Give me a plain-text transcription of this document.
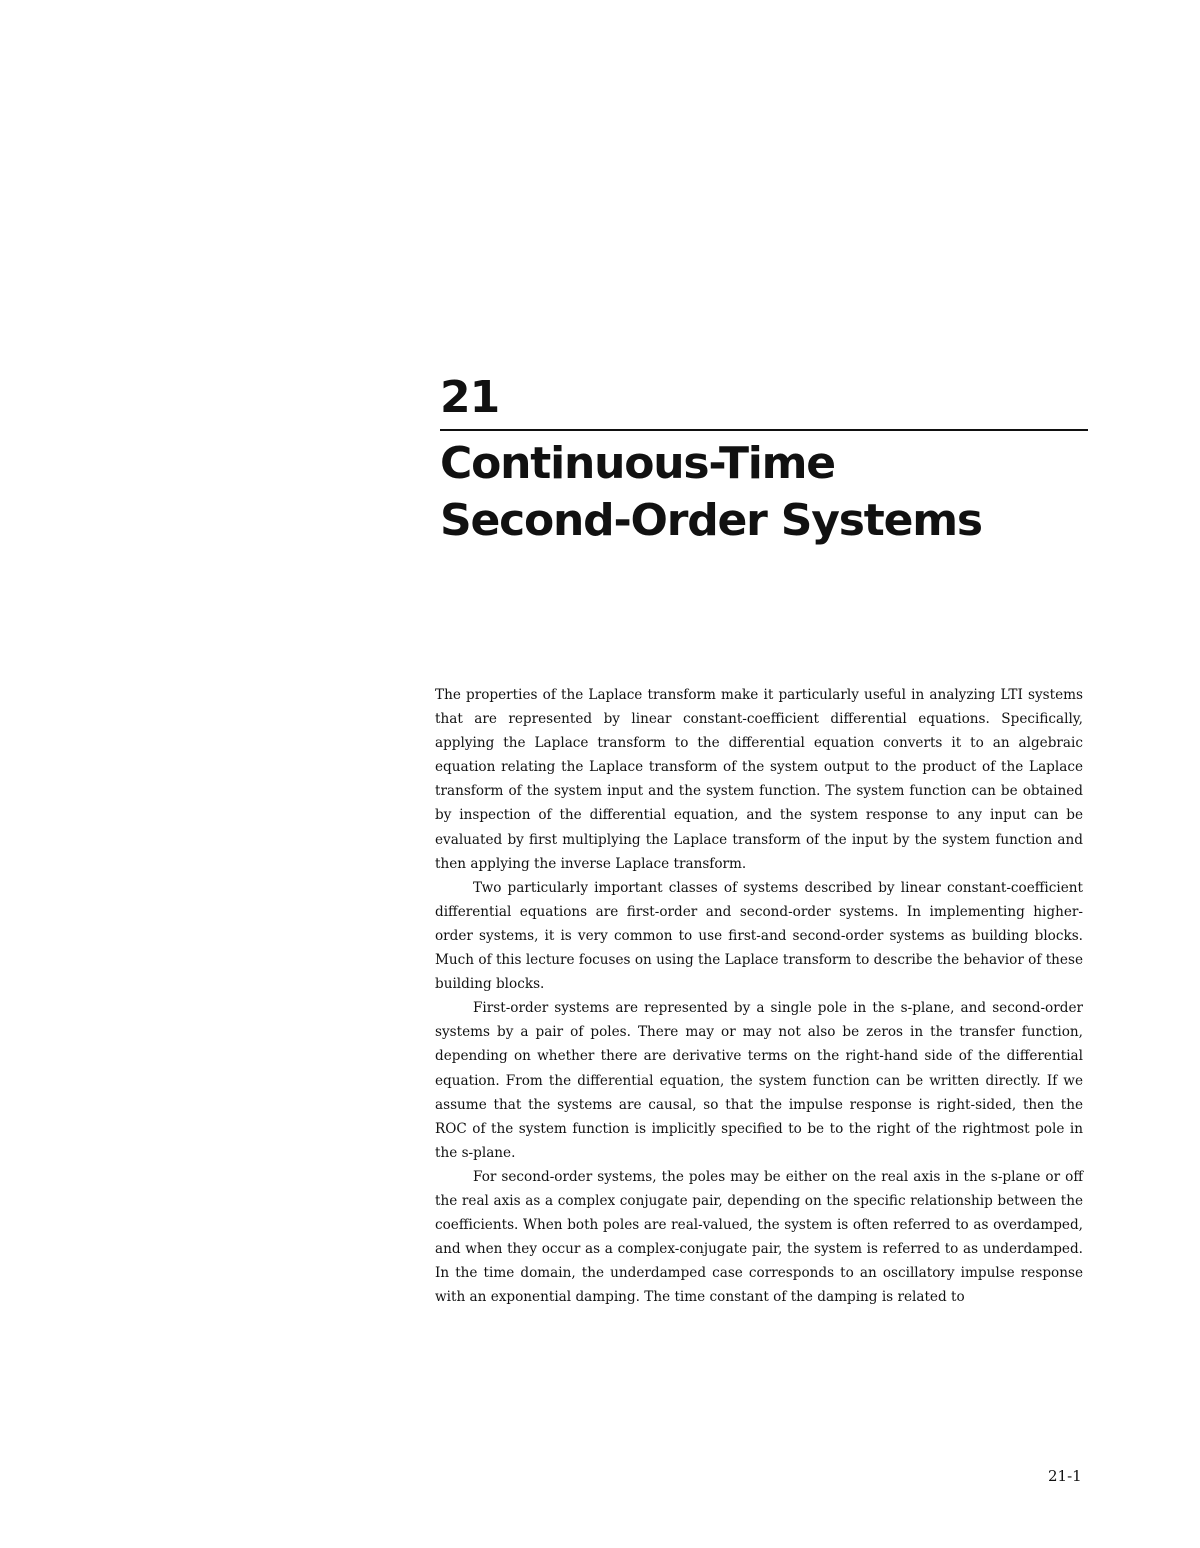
21
Continuous-Time
Second-Order Systems

The properties of the Laplace transform make it particularly useful in analyzing LTI systems that are represented by linear constant-coefficient differential equations. Specifically, applying the Laplace transform to the differential equation converts it to an algebraic equation relating the Laplace transform of the system output to the product of the Laplace transform of the system input and the system function. The system function can be obtained by inspection of the differential equation, and the system response to any input can be evaluated by first multiplying the Laplace transform of the input by the system function and then applying the inverse Laplace transform.

Two particularly important classes of systems described by linear constant-coefficient differential equations are first-order and second-order systems. In implementing higher-order systems, it is very common to use first-and second-order systems as building blocks. Much of this lecture focuses on using the Laplace transform to describe the behavior of these building blocks.

First-order systems are represented by a single pole in the s-plane, and second-order systems by a pair of poles. There may or may not also be zeros in the transfer function, depending on whether there are derivative terms on the right-hand side of the differential equation. From the differential equation, the system function can be written directly. If we assume that the systems are causal, so that the impulse response is right-sided, then the ROC of the system function is implicitly specified to be to the right of the rightmost pole in the s-plane.

For second-order systems, the poles may be either on the real axis in the s-plane or off the real axis as a complex conjugate pair, depending on the specific relationship between the coefficients. When both poles are real-valued, the system is often referred to as overdamped, and when they occur as a complex-conjugate pair, the system is referred to as underdamped. In the time domain, the underdamped case corresponds to an oscillatory impulse response with an exponential damping. The time constant of the damping is related to

21-1
